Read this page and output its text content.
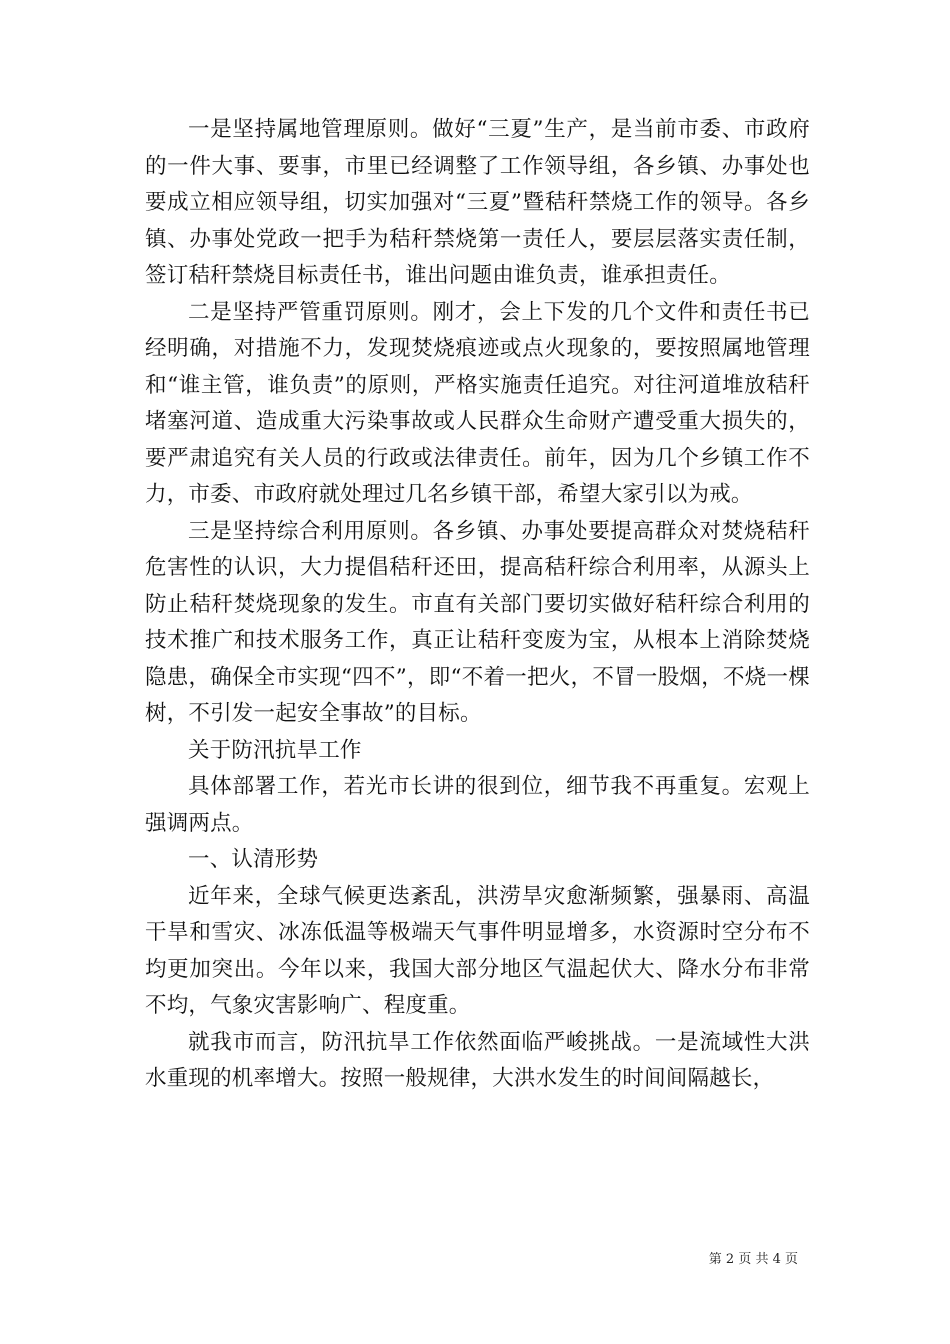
一是坚持属地管理原则。做好“三夏”生产，是当前市委、市政府的一件大事、要事，市里已经调整了工作领导组，各乡镇、办事处也要成立相应领导组，切实加强对“三夏”暨秸秆禁烧工作的领导。各乡镇、办事处党政一把手为秸秆禁烧第一责任人，要层层落实责任制，签订秸秆禁烧目标责任书，谁出问题由谁负责，谁承担责任。

二是坚持严管重罚原则。刚才，会上下发的几个文件和责任书已经明确，对措施不力，发现焚烧痕迹或点火现象的，要按照属地管理和“谁主管，谁负责”的原则，严格实施责任追究。对往河道堆放秸秆堵塞河道、造成重大污染事故或人民群众生命财产遭受重大损失的，要严肃追究有关人员的行政或法律责任。前年，因为几个乡镇工作不力，市委、市政府就处理过几名乡镇干部，希望大家引以为戒。

三是坚持综合利用原则。各乡镇、办事处要提高群众对焚烧秸秆危害性的认识，大力提倡秸秆还田，提高秸秆综合利用率，从源头上防止秸秆焚烧现象的发生。市直有关部门要切实做好秸秆综合利用的技术推广和技术服务工作，真正让秸秆变废为宝，从根本上消除焚烧隐患，确保全市实现“四不”，即“不着一把火，不冒一股烟，不烧一棵树，不引发一起安全事故”的目标。

关于防汛抗旱工作

具体部署工作，若光市长讲的很到位，细节我不再重复。宏观上强调两点。

一、认清形势

近年来，全球气候更迭紊乱，洪涝旱灾愈渐频繁，强暴雨、高温干旱和雪灾、冰冻低温等极端天气事件明显增多，水资源时空分布不均更加突出。今年以来，我国大部分地区气温起伏大、降水分布非常不均，气象灾害影响广、程度重。

就我市而言，防汛抗旱工作依然面临严峻挑战。一是流域性大洪水重现的机率增大。按照一般规律，大洪水发生的时间间隔越长，

第 2 页 共 4 页
